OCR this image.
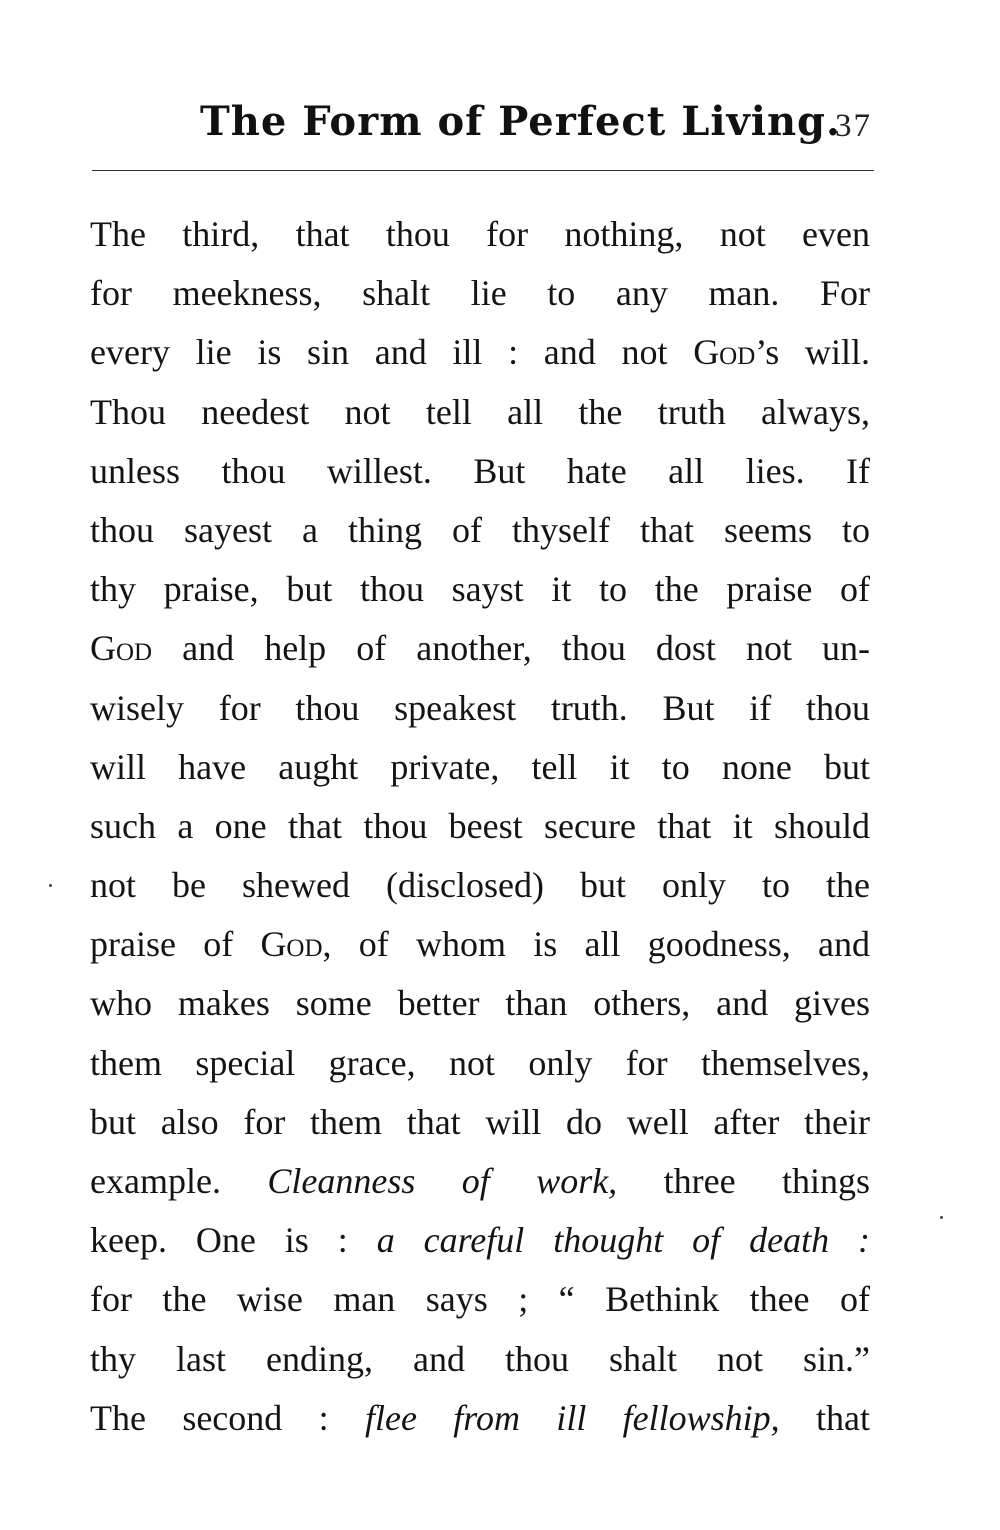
The Form of Perfect Living.
37
The third, that thou for nothing, not even
for meekness, shalt lie to any man. For
every lie is sin and ill : and not God’s will.
Thou needest not tell all the truth always,
unless thou willest. But hate all lies. If
thou sayest a thing of thyself that seems to
thy praise, but thou sayst it to the praise of
God and help of another, thou dost not un-
wisely for thou speakest truth. But if thou
will have aught private, tell it to none but
such a one that thou beest secure that it should
not be shewed (disclosed) but only to the
praise of God, of whom is all goodness, and
who makes some better than others, and gives
them special grace, not only for themselves,
but also for them that will do well after their
example. Cleanness of work, three things
keep. One is : a careful thought of death :
for the wise man says ; “ Bethink thee of
thy last ending, and thou shalt not sin.”
The second : flee from ill fellowship, that
